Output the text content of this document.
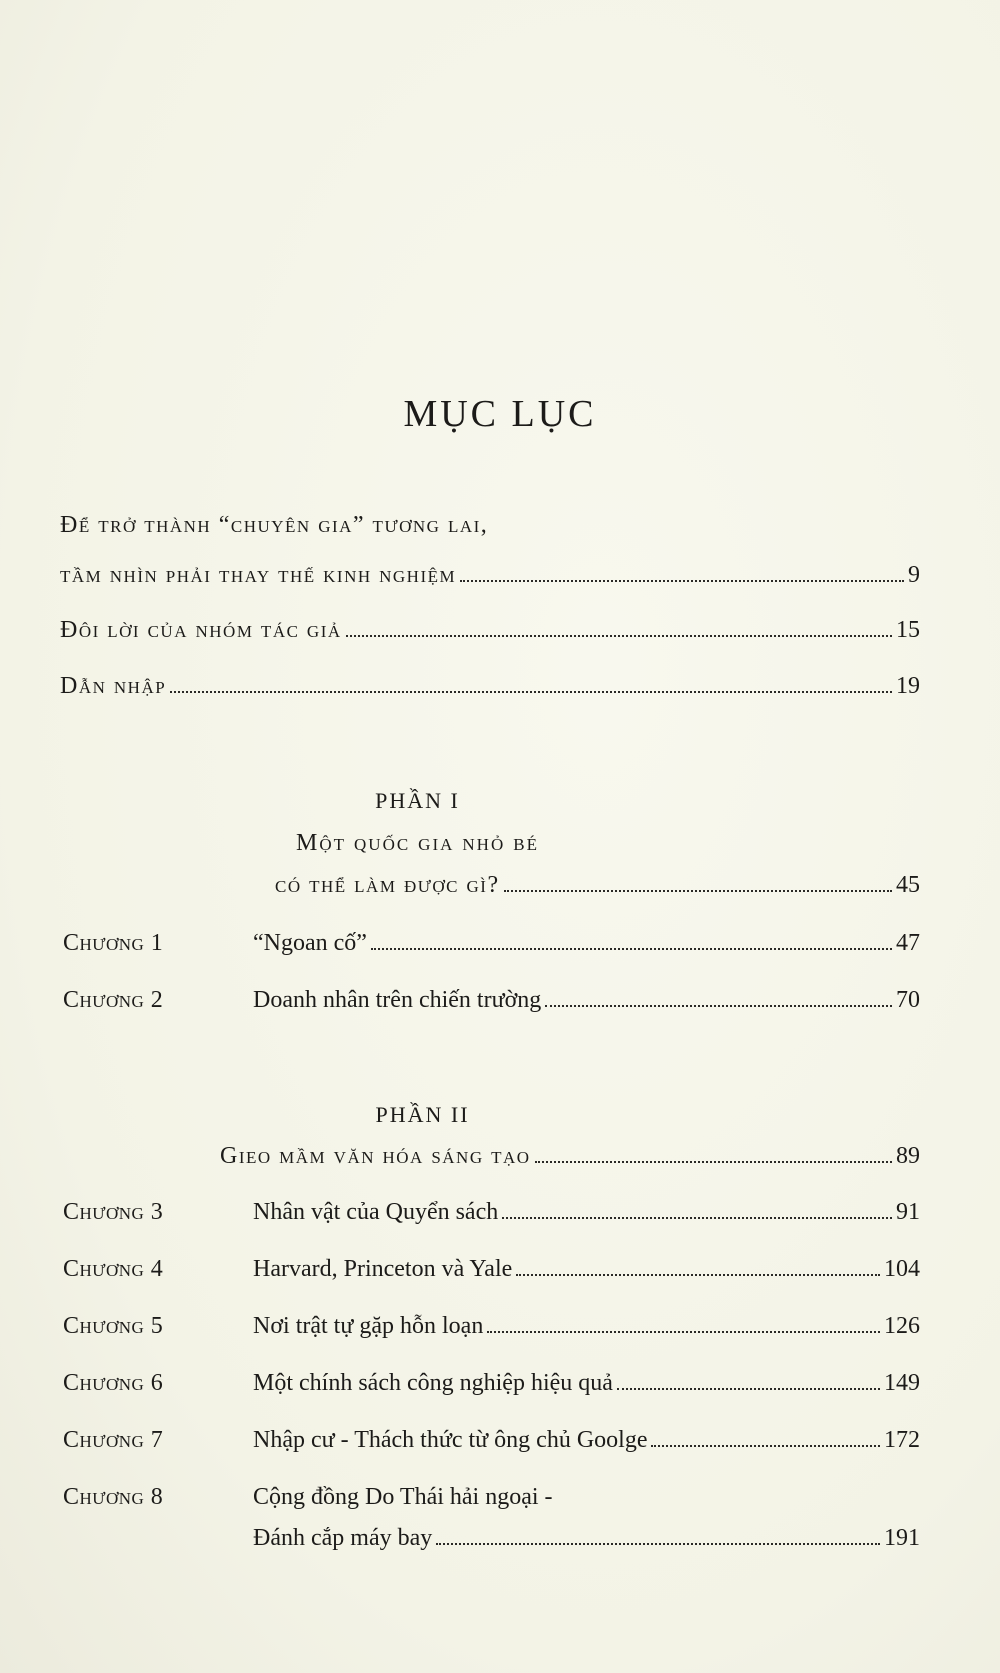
MỤC LỤC
Để trở thành “chuyên gia” tương lai,
tầm nhìn phải thay thế kinh nghiệm	9
Đôi lời của nhóm tác giả	15
Dẫn nhập	19
PHẦN I
Một quốc gia nhỏ bé
có thể làm được gì?	45
Chương 1	“Ngoan cố”	47
Chương 2	Doanh nhân trên chiến trường	70
PHẦN II
Gieo mầm văn hóa sáng tạo	89
Chương 3	Nhân vật của Quyển sách	91
Chương 4	Harvard, Princeton và Yale	104
Chương 5	Nơi trật tự gặp hỗn loạn	126
Chương 6	Một chính sách công nghiệp hiệu quả	149
Chương 7	Nhập cư - Thách thức từ ông chủ Goolge	172
Chương 8	Cộng đồng Do Thái hải ngoại -
Đánh cắp máy bay	191
